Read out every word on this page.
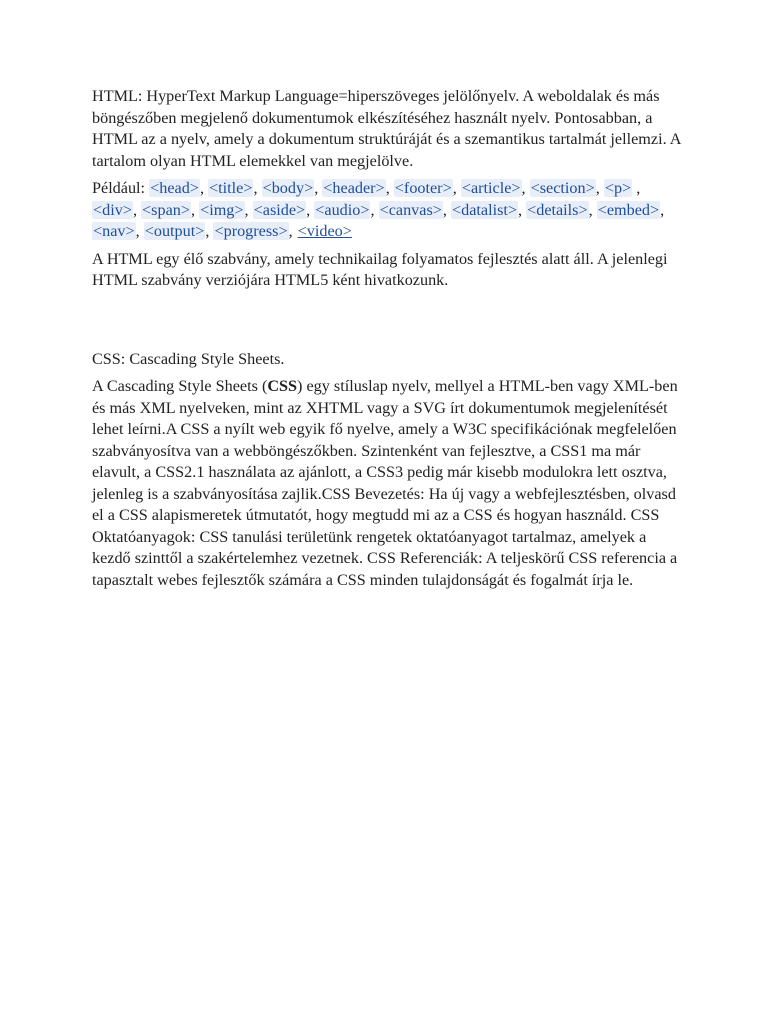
HTML: HyperText Markup Language=hiperszöveges jelölőnyelv. A weboldalak és más böngészőben megjelenő dokumentumok elkészítéséhez használt nyelv. Pontosabban, a HTML az a nyelv, amely a dokumentum struktúráját és a szemantikus tartalmát jellemzi. A tartalom olyan HTML elemekkel van megjelölve.

Például: <head>, <title>, <body>, <header>, <footer>, <article>, <section>, <p> , <div>, <span>, <img>, <aside>, <audio>, <canvas>, <datalist>, <details>, <embed>, <nav>, <output>, <progress>, <video>

A HTML egy élő szabvány, amely technikailag folyamatos fejlesztés alatt áll. A jelenlegi HTML szabvány verziójára HTML5 ként hivatkozunk.

CSS: Cascading Style Sheets.

A Cascading Style Sheets (CSS) egy stíluslap nyelv, mellyel a HTML-ben vagy XML-ben és más XML nyelveken, mint az XHTML vagy a SVG írt dokumentumok megjelenítését lehet leírni.A CSS a nyílt web egyik fő nyelve, amely a W3C specifikációnak megfelelően szabványosítva van a webböngészőkben. Szintenként van fejlesztve, a CSS1 ma már elavult, a CSS2.1 használata az ajánlott, a CSS3 pedig már kisebb modulokra lett osztva, jelenleg is a szabványosítása zajlik.CSS Bevezetés: Ha új vagy a webfejlesztésben, olvasd el a CSS alapismeretek útmutatót, hogy megtudd mi az a CSS és hogyan használd. CSS Oktatóanyagok: CSS tanulási területünk rengetek oktatóanyagot tartalmaz, amelyek a kezdő szinttől a szakértelemhez vezetnek. CSS Referenciák: A teljeskörű CSS referencia a tapasztalt webes fejlesztők számára a CSS minden tulajdonságát és fogalmát írja le.
